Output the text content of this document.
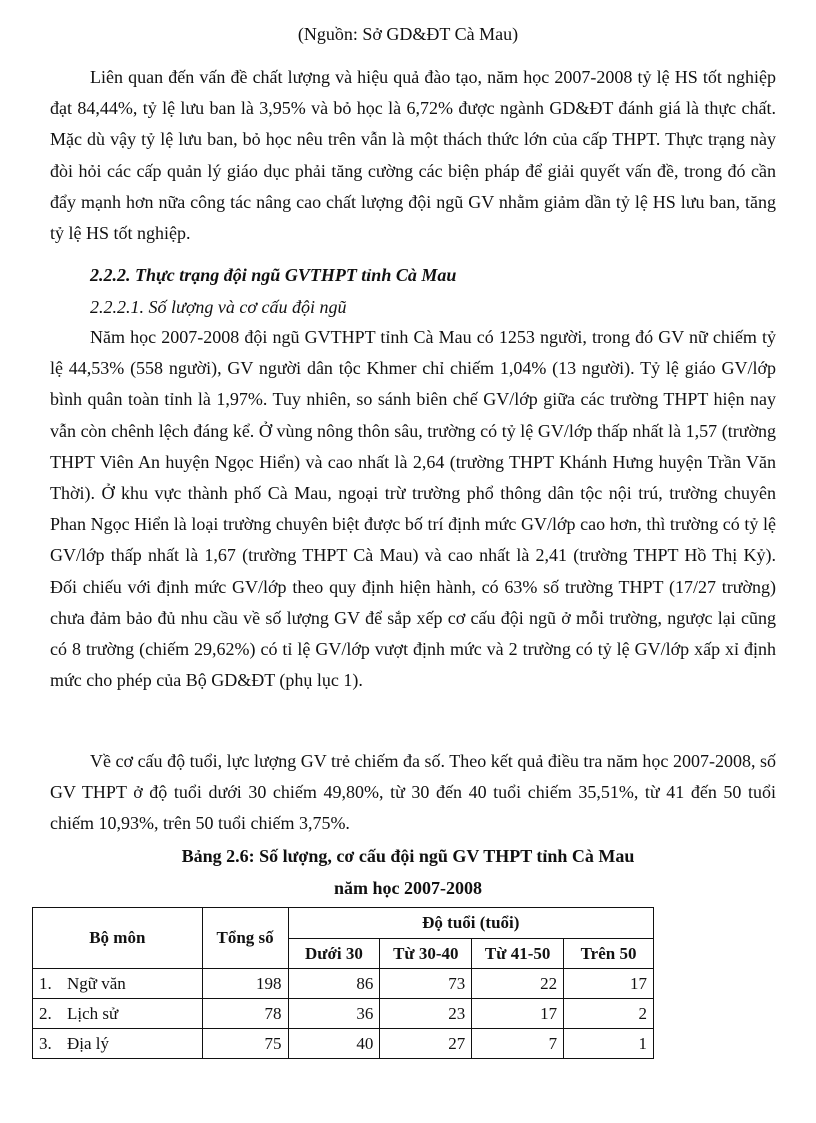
(Nguồn: Sở GD&ĐT Cà Mau)

Liên quan đến vấn đề chất lượng và hiệu quả đào tạo, năm học 2007-2008 tỷ lệ HS tốt nghiệp đạt 84,44%, tỷ lệ lưu ban là 3,95% và bỏ học là 6,72% được ngành GD&ĐT đánh giá là thực chất. Mặc dù vậy tỷ lệ lưu ban, bỏ học nêu trên vẫn là một thách thức lớn của cấp THPT. Thực trạng này đòi hỏi các cấp quản lý giáo dục phải tăng cường các biện pháp để giải quyết vấn đề, trong đó cần đẩy mạnh hơn nữa công tác nâng cao chất lượng đội ngũ GV nhằm giảm dần tỷ lệ HS lưu ban, tăng tỷ lệ HS tốt nghiệp.

2.2.2. Thực trạng đội ngũ GVTHPT tỉnh Cà Mau
2.2.2.1. Số lượng và cơ cấu đội ngũ

Năm học 2007-2008 đội ngũ GVTHPT tỉnh Cà Mau có 1253 người, trong đó GV nữ chiếm tỷ lệ 44,53% (558 người), GV người dân tộc Khmer chỉ chiếm 1,04% (13 người). Tỷ lệ giáo GV/lớp bình quân toàn tỉnh là 1,97%. Tuy nhiên, so sánh biên chế GV/lớp giữa các trường THPT hiện nay vẫn còn chênh lệch đáng kể. Ở vùng nông thôn sâu, trường có tỷ lệ GV/lớp thấp nhất là 1,57 (trường THPT Viên An huyện Ngọc Hiển) và cao nhất là 2,64 (trường THPT Khánh Hưng huyện Trần Văn Thời). Ở khu vực thành phố Cà Mau, ngoại trừ trường phổ thông dân tộc nội trú, trường chuyên Phan Ngọc Hiển là loại trường chuyên biệt được bố trí định mức GV/lớp cao hơn, thì trường có tỷ lệ GV/lớp thấp nhất là 1,67 (trường THPT Cà Mau) và cao nhất là 2,41 (trường THPT Hồ Thị Kỷ). Đối chiếu với định mức GV/lớp theo quy định hiện hành, có 63% số trường THPT (17/27 trường) chưa đảm bảo đủ nhu cầu về số lượng GV để sắp xếp cơ cấu đội ngũ ở mỗi trường, ngược lại cũng có 8 trường (chiếm 29,62%) có tỉ lệ GV/lớp vượt định mức và 2 trường có tỷ lệ GV/lớp xấp xỉ định mức cho phép của Bộ GD&ĐT (phụ lục 1).

Về cơ cấu độ tuổi, lực lượng GV trẻ chiếm đa số. Theo kết quả điều tra năm học 2007-2008, số GV THPT ở độ tuổi dưới 30 chiếm 49,80%, từ 30 đến 40 tuổi chiếm 35,51%, từ 41 đến 50 tuổi chiếm 10,93%, trên 50 tuổi chiếm 3,75%.

Bảng 2.6: Số lượng, cơ cấu đội ngũ GV THPT tỉnh Cà Mau
năm học 2007-2008
Bộ môn	Tổng số	Độ tuổi (tuổi)			
		Dưới 30	Từ 30-40	Từ 41-50	Trên 50
1. Ngữ văn	198	86	73	22	17
2. Lịch sử	78	36	23	17	2
3. Địa lý	75	40	27	7	1
